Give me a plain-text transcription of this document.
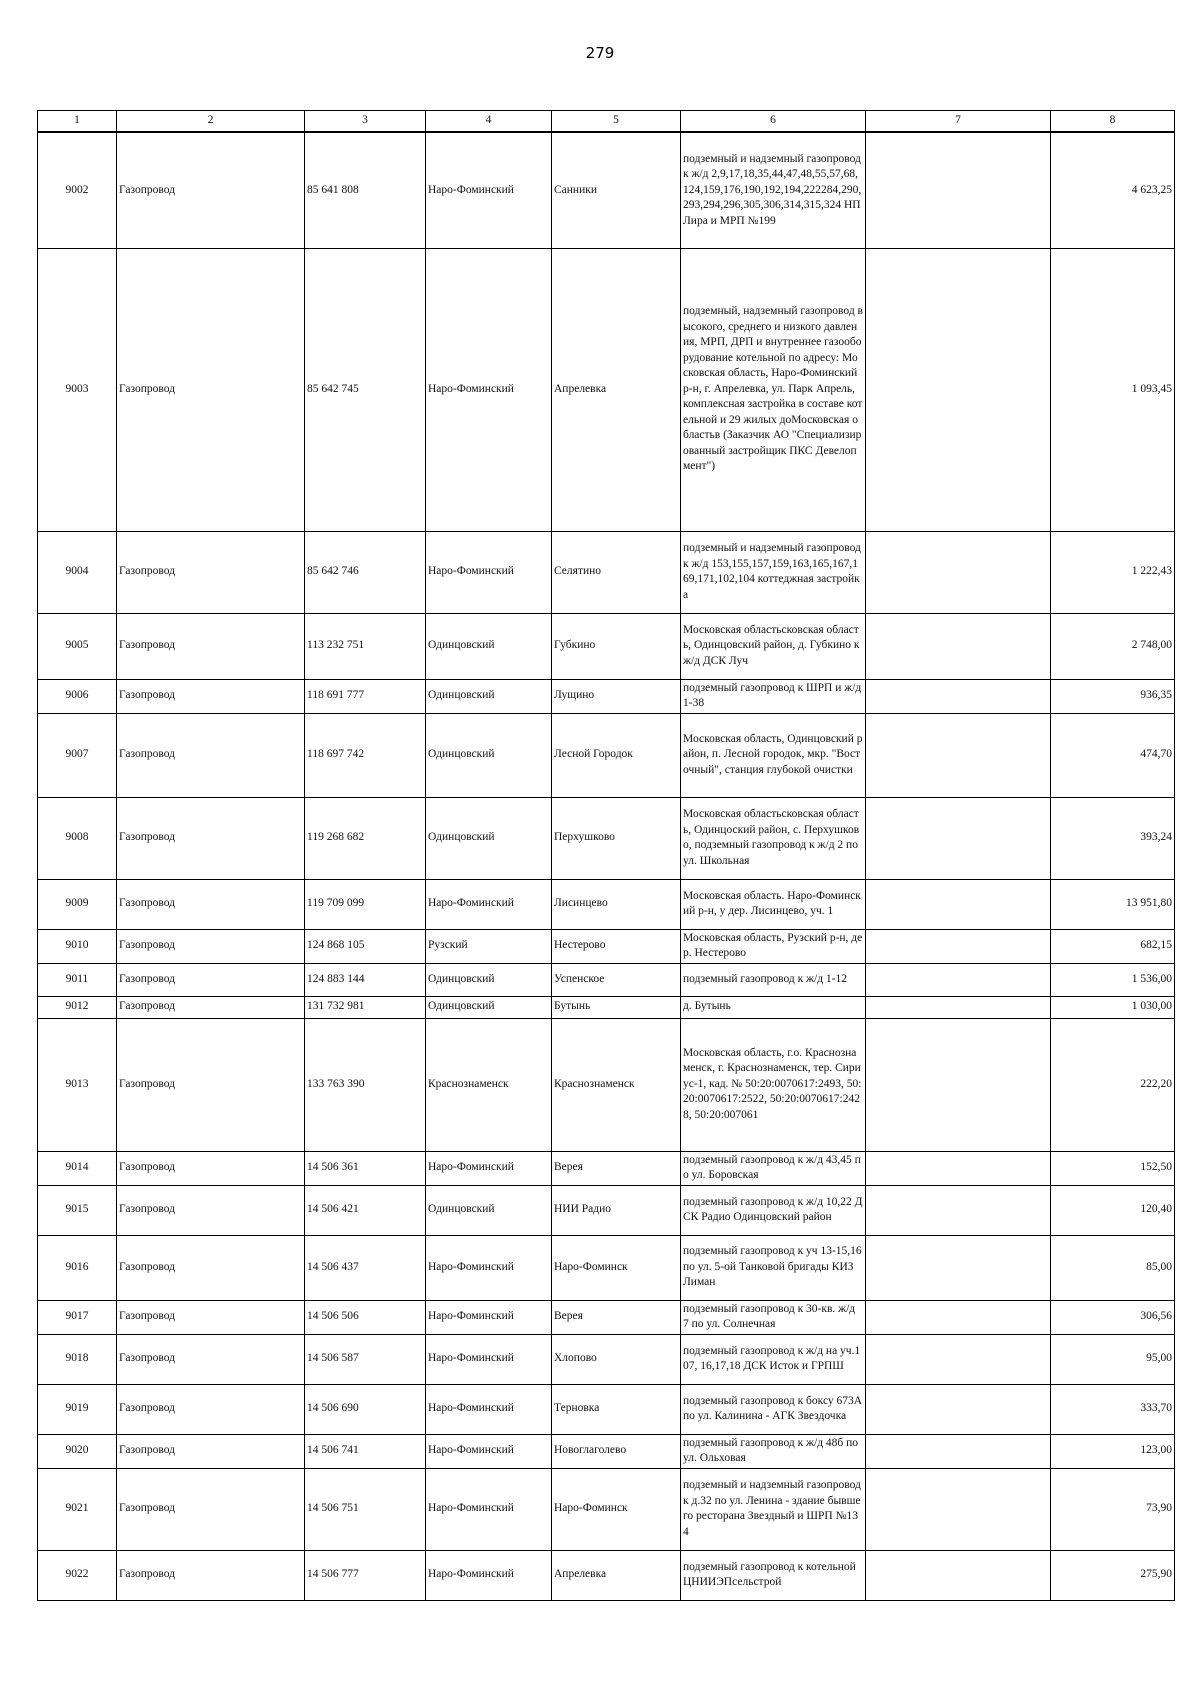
279
1	2	3	4	5	6	7	8
9002	Газопровод	85 641 808	Наро-Фоминский	Санники	подземный и надземный газопровод к ж/д 2,9,17,18,35,44,47,48,55,57,68,124,159,176,190,192,194,222284,290,293,294,296,305,306,314,315,324 НП Лира и МРП №199		4 623,25
9003	Газопровод	85 642 745	Наро-Фоминский	Апрелевка	подземный, надземный газопровод высокого, среднего и низкого давления, МРП, ДРП и внутреннее газооборудование котельной по адресу: Московская область, Наро-Фоминский р-н, г. Апрелевка, ул. Парк Апрель, комплексная застройка в составе котельной и 29 жилых доМосковская областьв (Заказчик АО "Специализированный застройщик ПКС Девелопмент")		1 093,45
9004	Газопровод	85 642 746	Наро-Фоминский	Селятино	подземный и надземный газопровод к ж/д 153,155,157,159,163,165,167,169,171,102,104 коттеджная застройка		1 222,43
9005	Газопровод	113 232 751	Одинцовский	Губкино	Московская областьсковская область, Одинцовский район, д. Губкино к ж/д ДСК Луч		2 748,00
9006	Газопровод	118 691 777	Одинцовский	Лущино	подземный газопровод к ШРП и ж/д 1-38		936,35
9007	Газопровод	118 697 742	Одинцовский	Лесной Городок	Московская область, Одинцовский район, п. Лесной городок, мкр. "Восточный", станция глубокой очистки		474,70
9008	Газопровод	119 268 682	Одинцовский	Перхушково	Московская областьсковская область, Одинцоский район, с. Перхушково, подземный газопровод к ж/д 2 по ул. Школьная		393,24
9009	Газопровод	119 709 099	Наро-Фоминский	Лисинцево	Московская область. Наро-Фоминский р-н, у дер. Лисинцево, уч. 1		13 951,80
9010	Газопровод	124 868 105	Рузский	Нестерово	Московская область, Рузский р-н, дер. Нестерово		682,15
9011	Газопровод	124 883 144	Одинцовский	Успенское	подземный газопровод к ж/д 1-12		1 536,00
9012	Газопровод	131 732 981	Одинцовский	Бутынь	д. Бутынь		1 030,00
9013	Газопровод	133 763 390	Краснознаменск	Краснознаменск	Московская область, г.о. Краснознаменск, г. Краснознаменск, тер. Сириус-1, кад. № 50:20:0070617:2493, 50:20:0070617:2522, 50:20:0070617:2428, 50:20:007061		222,20
9014	Газопровод	14 506 361	Наро-Фоминский	Верея	подземный газопровод к ж/д 43,45 по ул. Боровская		152,50
9015	Газопровод	14 506 421	Одинцовский	НИИ Радио	подземный газопровод к ж/д 10,22 ДСК Радио Одинцовский район		120,40
9016	Газопровод	14 506 437	Наро-Фоминский	Наро-Фоминск	подземный газопровод к уч 13-15,16 по ул. 5-ой Танковой бригады КИЗ Лиман		85,00
9017	Газопровод	14 506 506	Наро-Фоминский	Верея	подземный газопровод к 30-кв. ж/д 7 по ул. Солнечная		306,56
9018	Газопровод	14 506 587	Наро-Фоминский	Хлопово	подземный газопровод к ж/д на уч.107, 16,17,18 ДСК Исток и ГРПШ		95,00
9019	Газопровод	14 506 690	Наро-Фоминский	Терновка	подземный газопровод к боксу 673А по ул. Калинина - АГК Звездочка		333,70
9020	Газопровод	14 506 741	Наро-Фоминский	Новоглаголево	подземный газопровод к ж/д 48б по ул. Ольховая		123,00
9021	Газопровод	14 506 751	Наро-Фоминский	Наро-Фоминск	подземный и надземный газопровод к д.32 по ул. Ленина - здание бывшего ресторана Звездный и ШРП №134		73,90
9022	Газопровод	14 506 777	Наро-Фоминский	Апрелевка	подземный газопровод к котельной ЦНИИЭПсельстрой		275,90
